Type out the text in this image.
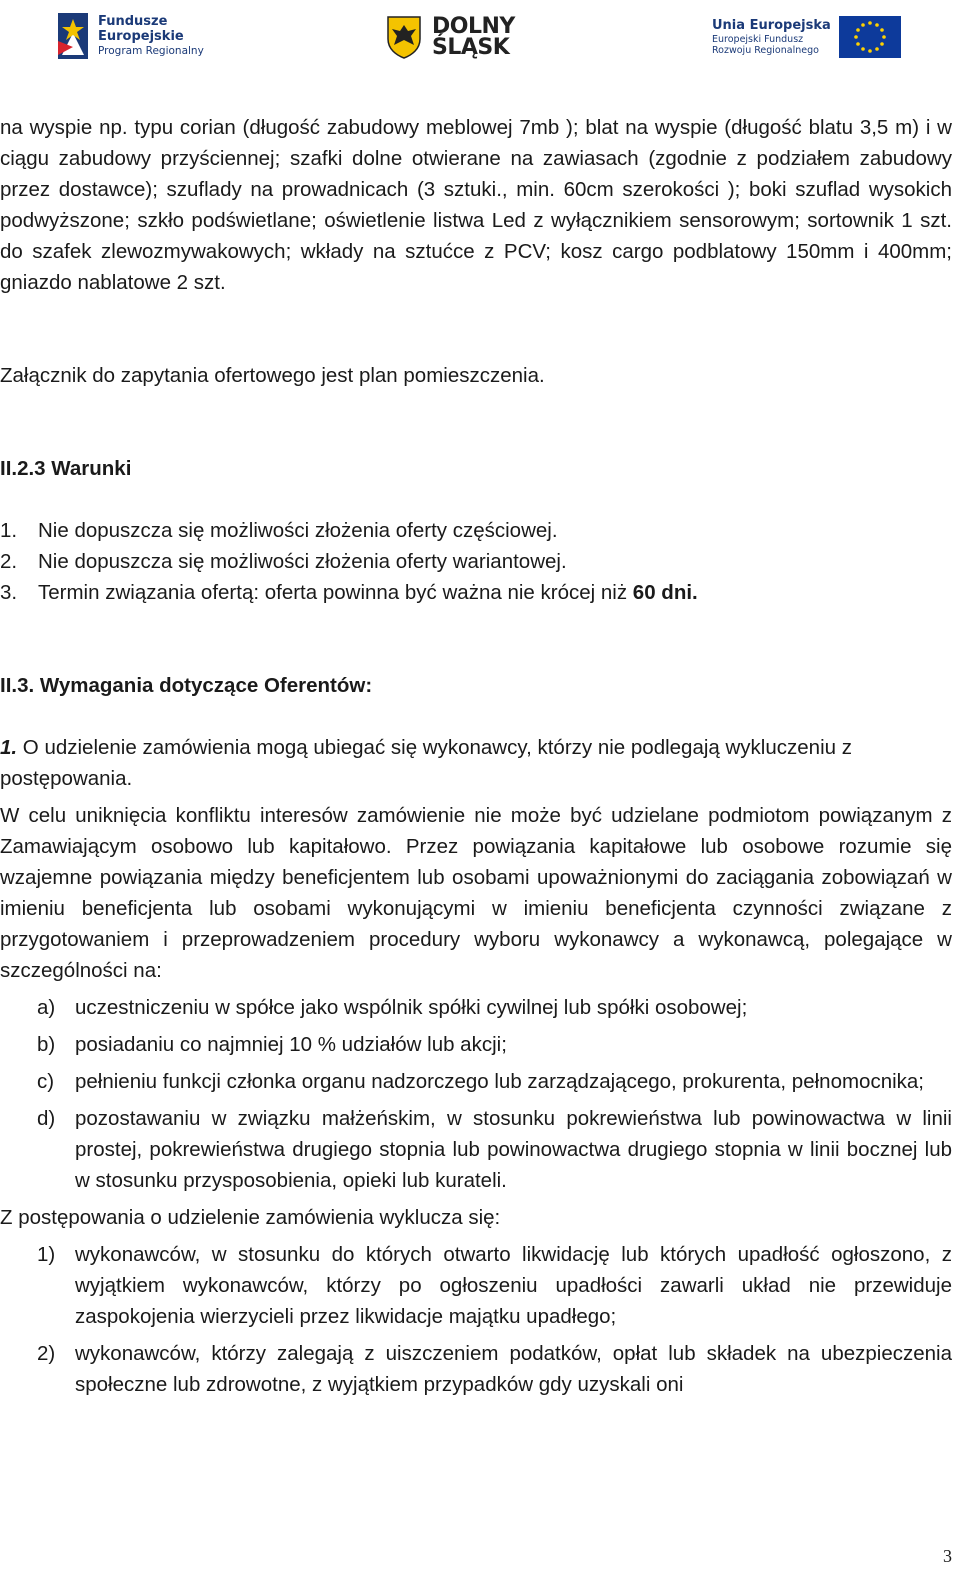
Fundusze
Europejskie
Program Regionalny
DOLNY
ŚLĄSK
Unia Europejska
Europejski Fundusz
Rozwoju Regionalnego

na wyspie np. typu corian (długość zabudowy meblowej 7mb ); blat na wyspie (długość blatu 3,5 m) i w ciągu zabudowy przyściennej; szafki dolne otwierane na zawiasach (zgodnie z podziałem zabudowy przez dostawce); szuflady na prowadnicach (3 sztuki., min. 60cm szerokości ); boki szuflad wysokich podwyższone; szkło podświetlane; oświetlenie listwa Led z wyłącznikiem sensorowym; sortownik 1 szt. do szafek zlewozmywakowych; wkłady na sztućce z PCV; kosz cargo podblatowy 150mm i 400mm; gniazdo nablatowe 2 szt.

Załącznik do zapytania ofertowego jest plan pomieszczenia.

II.2.3 Warunki

1.	Nie dopuszcza się możliwości złożenia oferty częściowej.
2.	Nie dopuszcza się możliwości złożenia oferty wariantowej.
3.	Termin związania ofertą: oferta powinna być ważna nie krócej niż 60 dni.

II.3. Wymagania dotyczące Oferentów:

1. O udzielenie zamówienia mogą ubiegać się wykonawcy, którzy nie podlegają wykluczeniu z postępowania.

W celu uniknięcia konfliktu interesów zamówienie nie może być udzielane podmiotom powiązanym z Zamawiającym osobowo lub kapitałowo. Przez powiązania kapitałowe lub osobowe rozumie się wzajemne powiązania między beneficjentem lub osobami upoważnionymi do zaciągania zobowiązań w imieniu beneficjenta lub osobami wykonującymi w imieniu beneficjenta czynności związane z przygotowaniem i przeprowadzeniem procedury wyboru wykonawcy a wykonawcą, polegające w szczególności na:

a) uczestniczeniu w spółce jako wspólnik spółki cywilnej lub spółki osobowej;
b) posiadaniu co najmniej 10 % udziałów lub akcji;
c)	pełnieniu funkcji członka organu nadzorczego lub zarządzającego, prokurenta, pełnomocnika;
d) pozostawaniu w związku małżeńskim, w stosunku pokrewieństwa lub powinowactwa w linii prostej, pokrewieństwa drugiego stopnia lub powinowactwa drugiego stopnia w linii bocznej lub w stosunku przysposobienia, opieki lub kurateli.

Z postępowania o udzielenie zamówienia wyklucza się:

1) wykonawców, w stosunku do których otwarto likwidację lub których upadłość ogłoszono, z wyjątkiem wykonawców, którzy po ogłoszeniu upadłości zawarli układ nie przewiduje zaspokojenia wierzycieli przez likwidacje majątku upadłego;
2) wykonawców, którzy zalegają z uiszczeniem podatków, opłat lub składek na ubezpieczenia społeczne lub zdrowotne, z wyjątkiem przypadków gdy uzyskali oni
3
